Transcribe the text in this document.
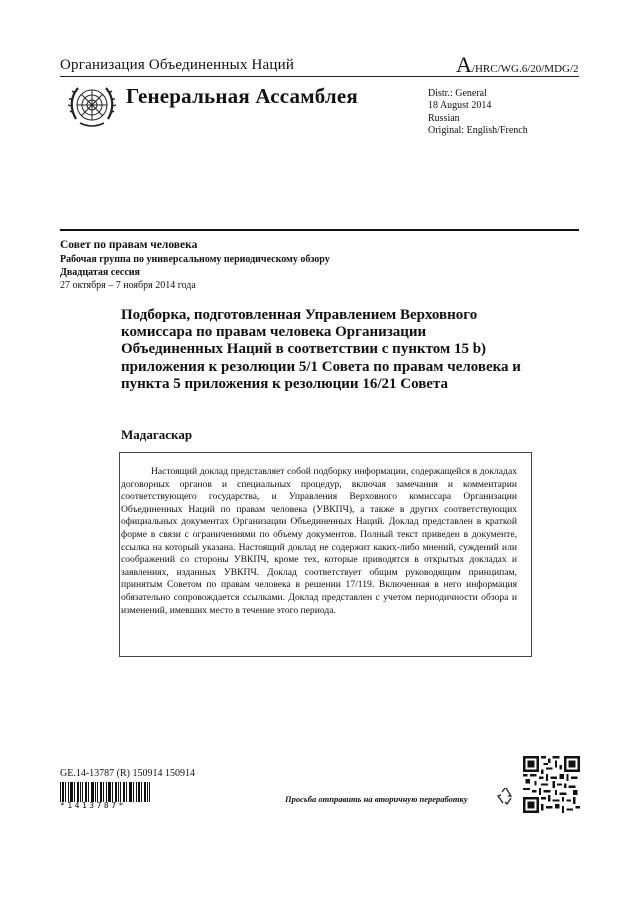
Организация Объединенных Наций	A/HRC/WG.6/20/MDG/2
Генеральная Ассамблея	Distr.: General
18 August 2014
Russian
Original: English/French
Совет по правам человека
Рабочая группа по универсальному периодическому обзору
Двадцатая сессия
27 октября – 7 ноября 2014 года
Подборка, подготовленная Управлением Верховного комиссара по правам человека Организации Объединенных Наций в соответствии с пунктом 15 b) приложения к резолюции 5/1 Совета по правам человека и пункта 5 приложения к резолюции 16/21 Совета
Мадагаскар
Настоящий доклад представляет собой подборку информации, содержащейся в докладах договорных органов и специальных процедур, включая замечания и комментарии соответствующего государства, и Управления Верховного комиссара Организации Объединенных Наций по правам человека (УВКПЧ), а также в других соответствующих официальных документах Организации Объединенных Наций. Доклад представлен в краткой форме в связи с ограничениями по объему документов. Полный текст приведен в документе, ссылка на который указана. Настоящий доклад не содержит каких-либо мнений, суждений или соображений со стороны УВКПЧ, кроме тех, которые приводятся в открытых докладах и заявлениях, изданных УВКПЧ. Доклад соответствует общим руководящим принципам, принятым Советом по правам человека в решении 17/119. Включенная в него информация обязательно сопровождается ссылками. Доклад представлен с учетом периодичности обзора и изменений, имевших место в течение этого периода.
GE.14-13787 (R) 150914 150914
*1413787*
Просьба отправить на вторичную переработку
